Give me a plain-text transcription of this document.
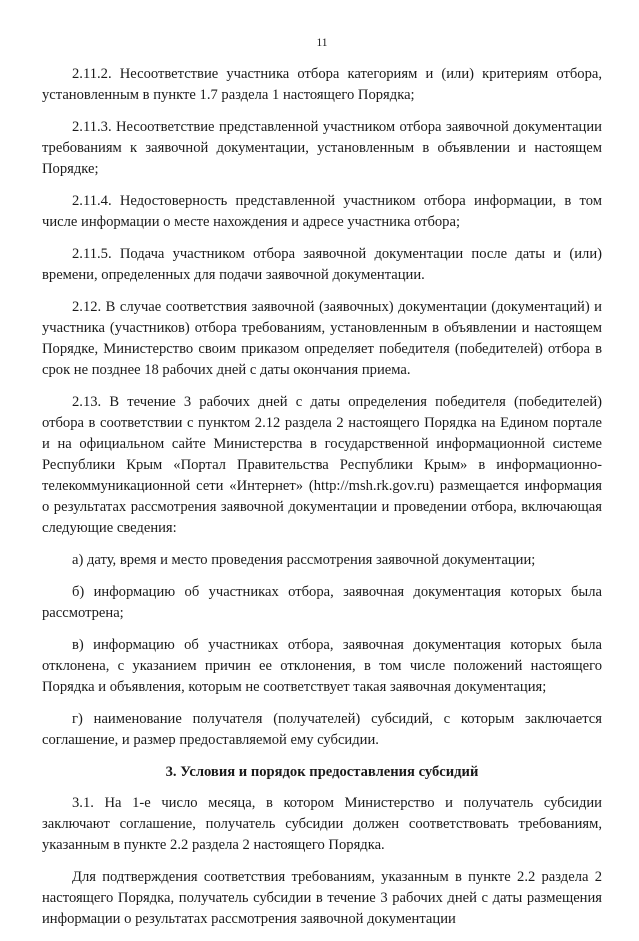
11

2.11.2. Несоответствие участника отбора категориям и (или) критериям отбора, установленным в пункте 1.7 раздела 1 настоящего Порядка;

2.11.3. Несоответствие представленной участником отбора заявочной документации требованиям к заявочной документации, установленным в объявлении и настоящем Порядке;

2.11.4. Недостоверность представленной участником отбора информации, в том числе информации о месте нахождения и адресе участника отбора;

2.11.5. Подача участником отбора заявочной документации после даты и (или) времени, определенных для подачи заявочной документации.

2.12. В случае соответствия заявочной (заявочных) документации (документаций) и участника (участников) отбора требованиям, установленным в объявлении и настоящем Порядке, Министерство своим приказом определяет победителя (победителей) отбора в срок не позднее 18 рабочих дней с даты окончания приема.

2.13. В течение 3 рабочих дней с даты определения победителя (победителей) отбора в соответствии с пунктом 2.12 раздела 2 настоящего Порядка на Едином портале и на официальном сайте Министерства в государственной информационной системе Республики Крым «Портал Правительства Республики Крым» в информационно-телекоммуникационной сети «Интернет» (http://msh.rk.gov.ru) размещается информация о результатах рассмотрения заявочной документации и проведении отбора, включающая следующие сведения:

а) дату, время и место проведения рассмотрения заявочной документации;

б) информацию об участниках отбора, заявочная документация которых была рассмотрена;

в) информацию об участниках отбора, заявочная документация которых была отклонена, с указанием причин ее отклонения, в том числе положений настоящего Порядка и объявления, которым не соответствует такая заявочная документация;

г) наименование получателя (получателей) субсидий, с которым заключается соглашение, и размер предоставляемой ему субсидии.

3. Условия и порядок предоставления субсидий

3.1. На 1-е число месяца, в котором Министерство и получатель субсидии заключают соглашение, получатель субсидии должен соответствовать требованиям, указанным в пункте 2.2 раздела 2 настоящего Порядка.

Для подтверждения соответствия требованиям, указанным в пункте 2.2 раздела 2 настоящего Порядка, получатель субсидии в течение 3 рабочих дней с даты размещения информации о результатах рассмотрения заявочной документации
